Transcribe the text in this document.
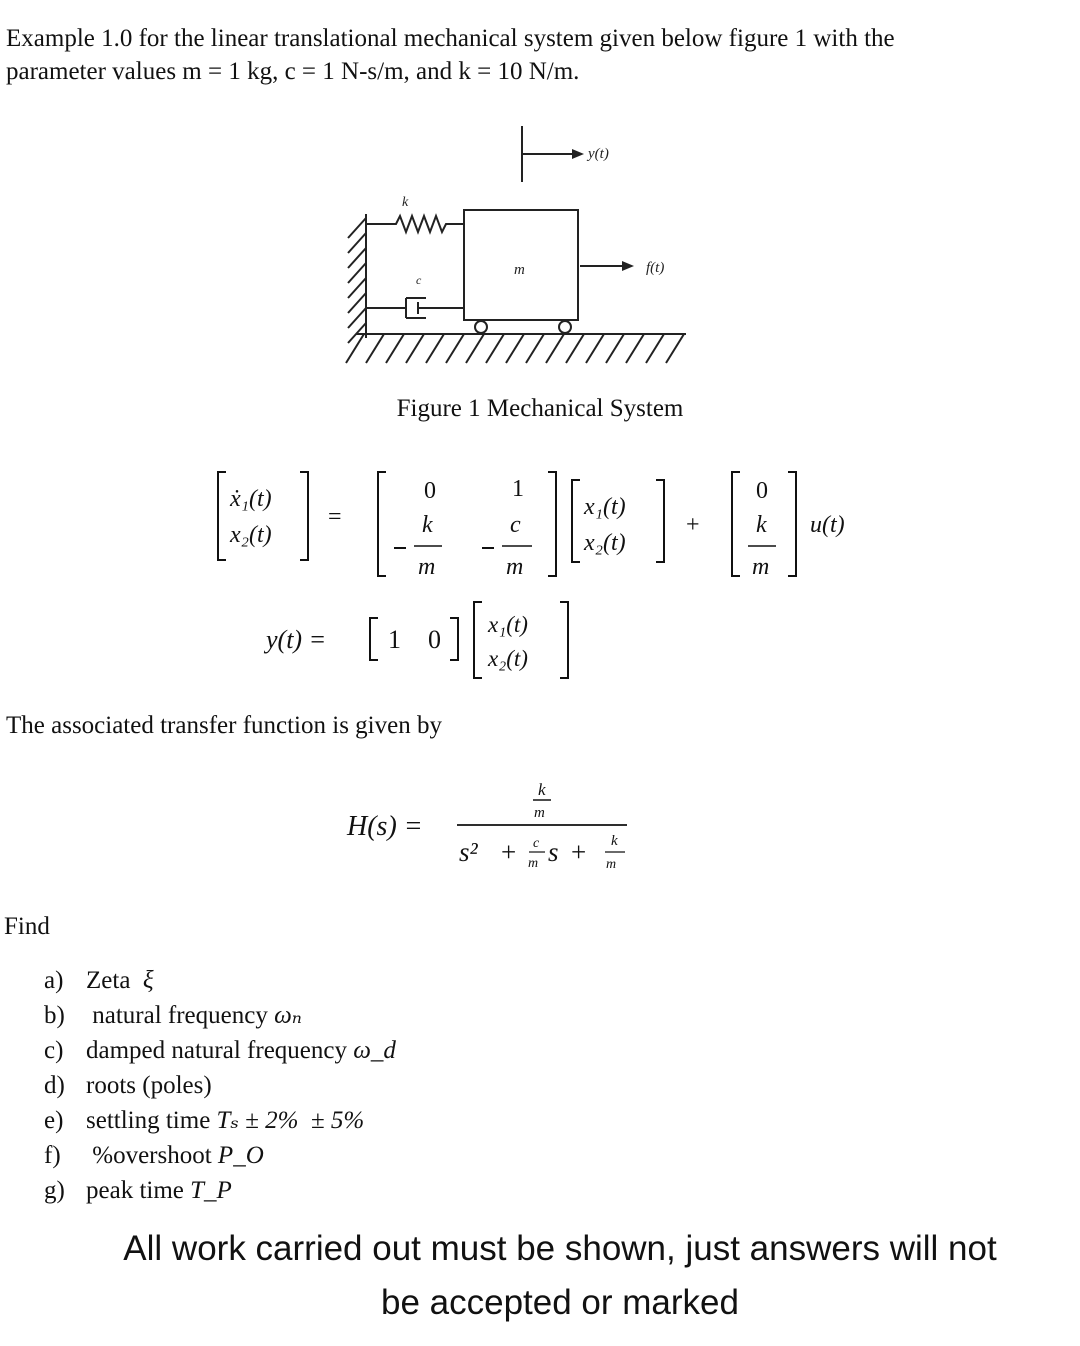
Example 1.0 for the linear translational mechanical system given below figure 1 with the
parameter values m = 1 kg, c = 1 N-s/m, and k = 10 N/m.
y(t)
k
c
m	f(t)
Figure 1 Mechanical System
ẋ₁(t)
x₂(t)
=
0	1
k
m
c
m
x₁(t)
x₂(t)
+
0
k
m
u(t)
y(t) = 1 0
x₁(t)
x₂(t)
The associated transfer function is given by
H(s) =
k
m
s² + c
m s + k
m
Find
a) Zeta ξ
b) natural frequency ωₙ
c) damped natural frequency ω_d
d) roots (poles)
e) settling time Tₛ ± 2%  ± 5%
f) %overshoot P_O
g) peak time T_P
All work carried out must be shown, just answers will not
be accepted or marked
